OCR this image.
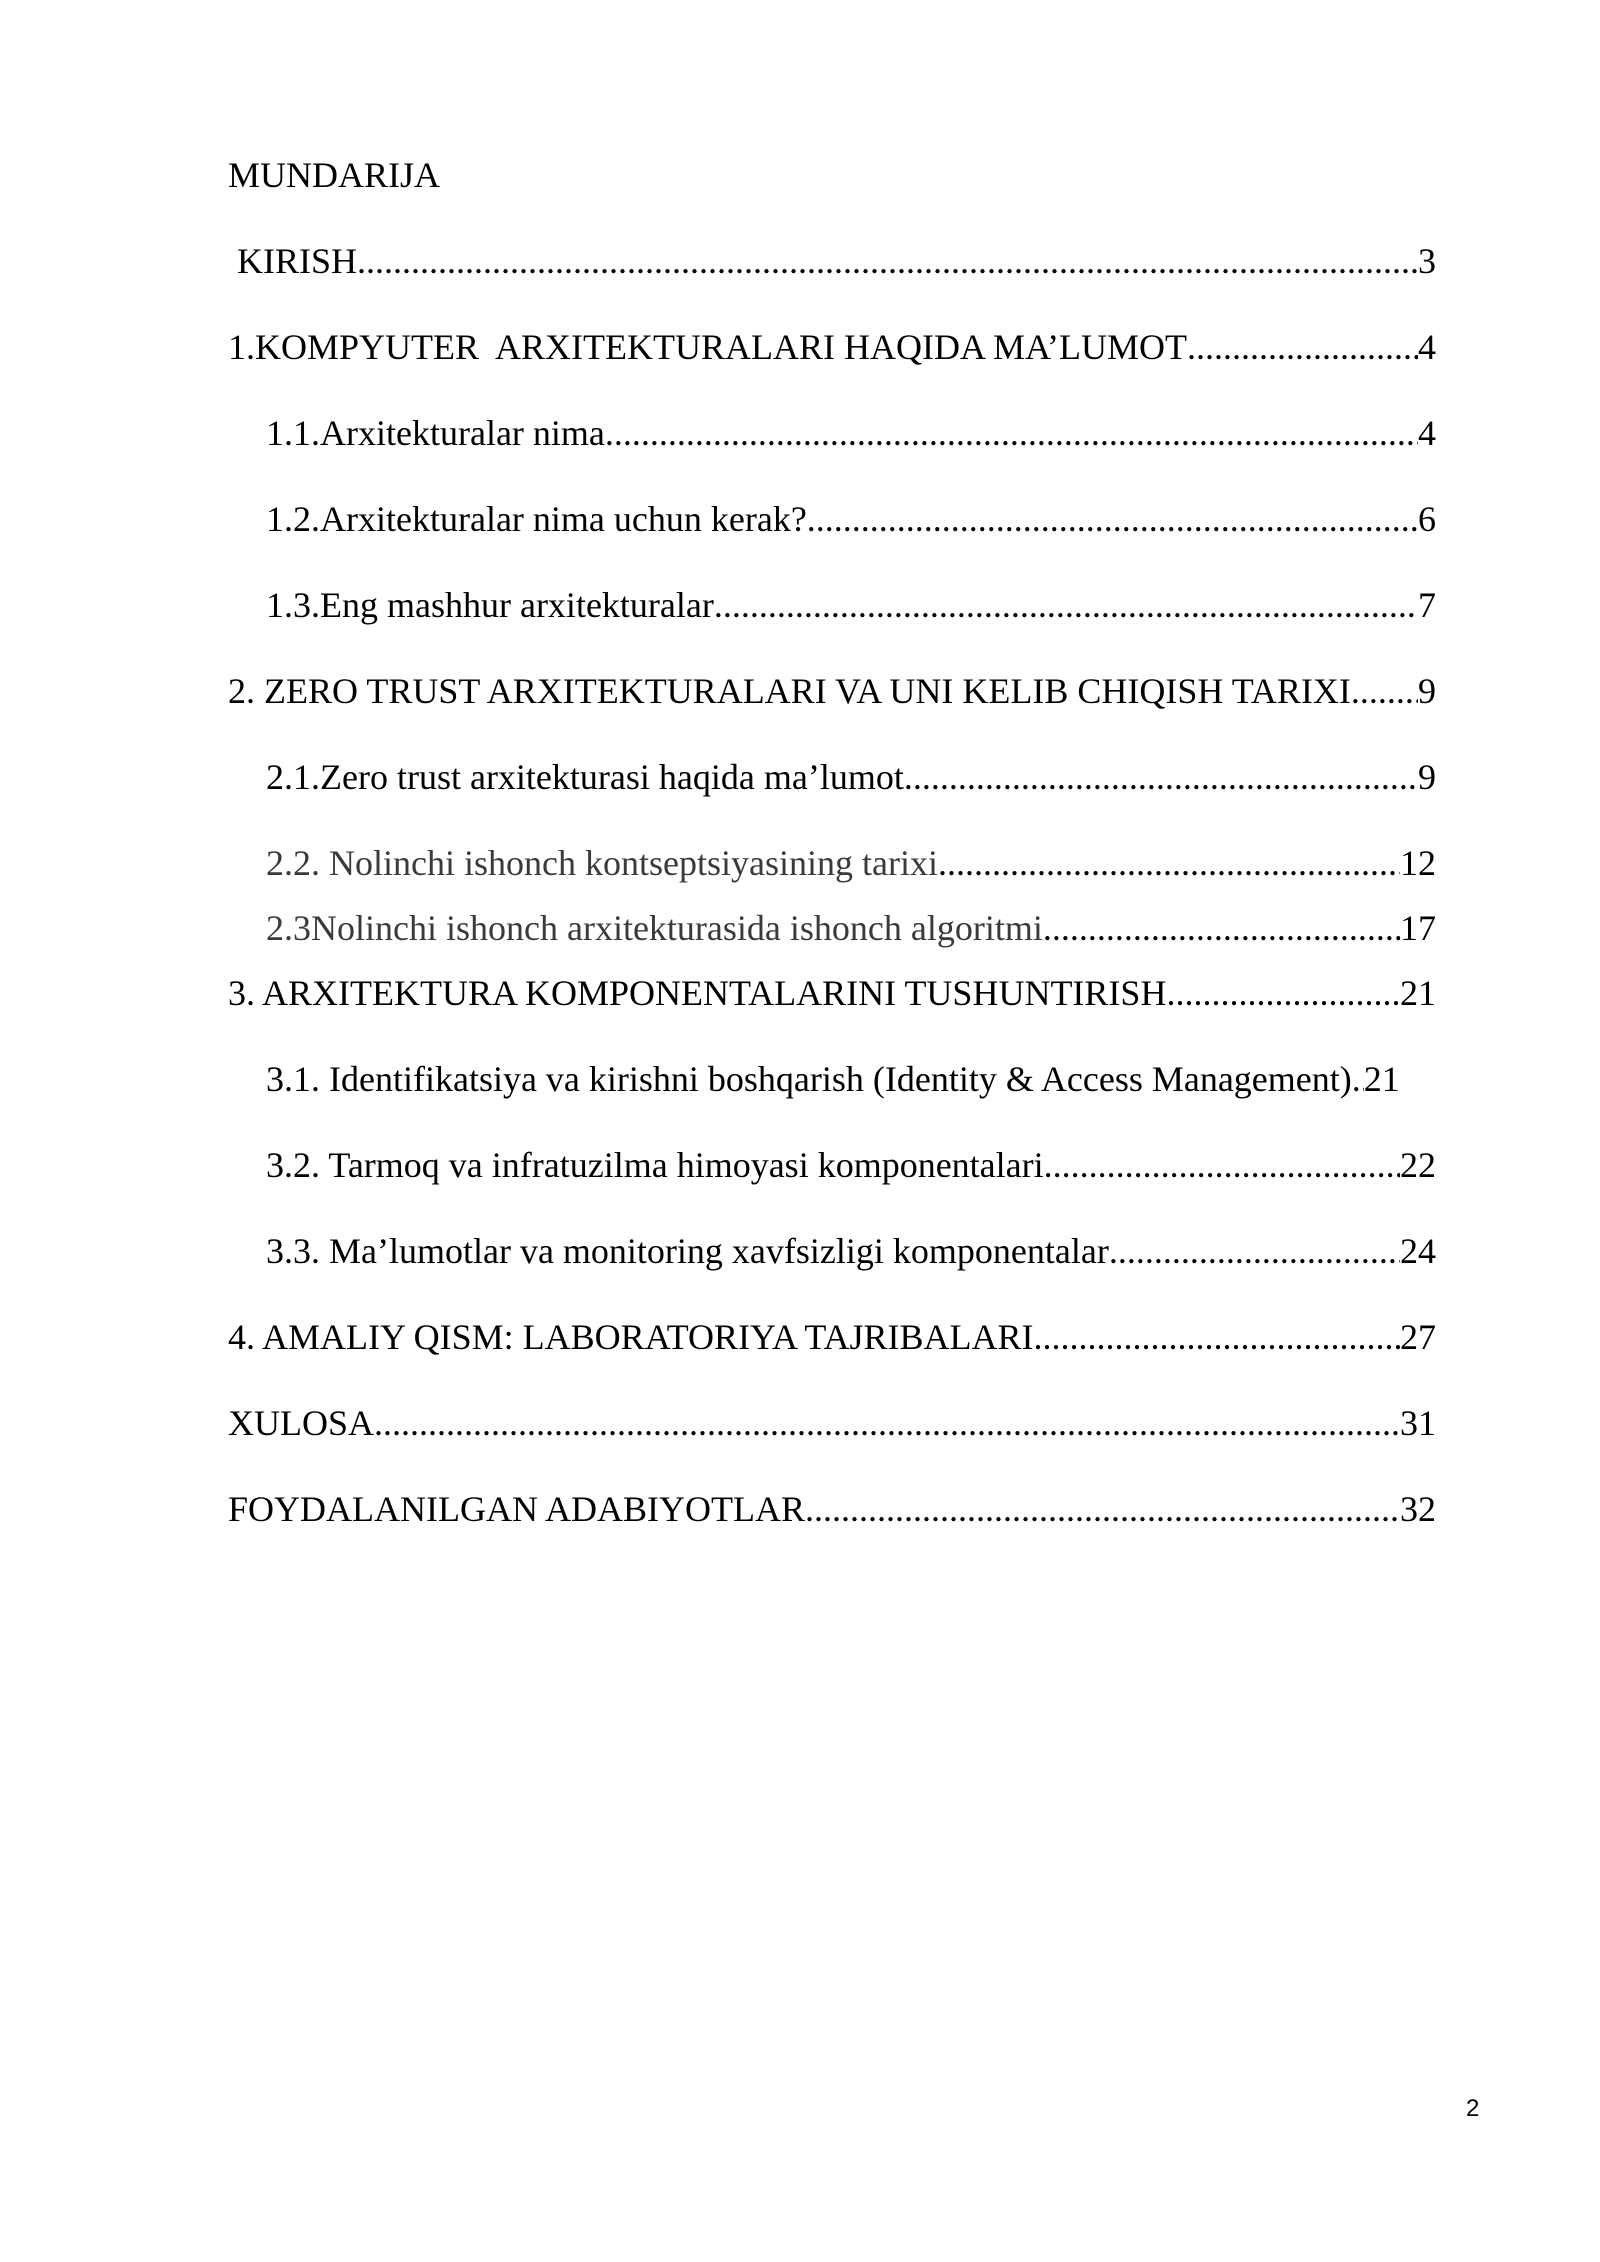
MUNDARIJA
KIRISH .....	3
1.KOMPYUTER  ARXITEKTURALARI HAQIDA MA’LUMOT .....	4
1.1.Arxitekturalar nima .....	4
1.2.Arxitekturalar nima uchun kerak? .....	6
1.3.Eng mashhur arxitekturalar .....	7
2. ZERO TRUST ARXITEKTURALARI VA UNI KELIB CHIQISH TARIXI ..... 9
2.1.Zero trust arxitekturasi haqida ma’lumot .....	9
2.2. Nolinchi ishonch kontseptsiyasining tarixi .....	12
2.3Nolinchi ishonch arxitekturasida ishonch algoritmi .....	17
3. ARXITEKTURA KOMPONENTALARINI TUSHUNTIRISH .....	21
3.1. Identifikatsiya va kirishni boshqarish (Identity & Access Management) ..... 21
3.2. Tarmoq va infratuzilma himoyasi komponentalari .....	22
3.3. Ma’lumotlar va monitoring xavfsizligi komponentalar .....	24
4. AMALIY QISM: LABORATORIYA TAJRIBALARI .....	27
XULOSA .....	31
FOYDALANILGAN ADABIYOTLAR .....	32
2
